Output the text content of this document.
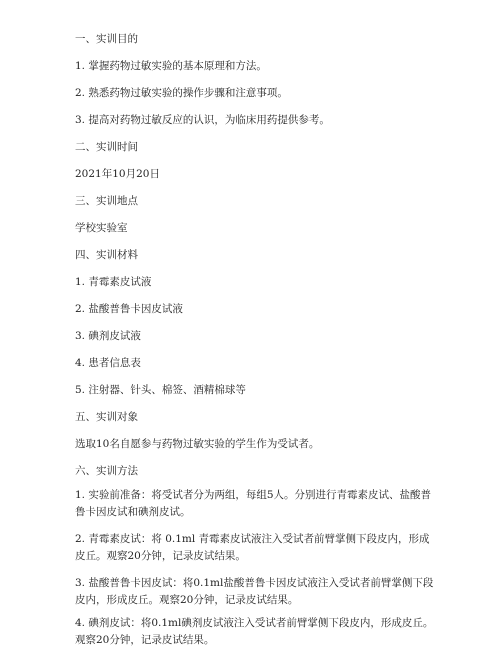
一、实训目的
1. 掌握药物过敏实验的基本原理和方法。
2. 熟悉药物过敏实验的操作步骤和注意事项。
3. 提高对药物过敏反应的认识，为临床用药提供参考。
二、实训时间
2021年10月20日
三、实训地点
学校实验室
四、实训材料
1. 青霉素皮试液
2. 盐酸普鲁卡因皮试液
3. 碘剂皮试液
4. 患者信息表
5. 注射器、针头、棉签、酒精棉球等
五、实训对象
选取10名自愿参与药物过敏实验的学生作为受试者。
六、实训方法
1. 实验前准备：将受试者分为两组，每组5人。分别进行青霉素皮试、盐酸普鲁卡因皮试和碘剂皮试。
2. 青霉素皮试：将 0.1ml 青霉素皮试液注入受试者前臂掌侧下段皮内，形成皮丘。观察20分钟，记录皮试结果。
3. 盐酸普鲁卡因皮试：将0.1ml盐酸普鲁卡因皮试液注入受试者前臂掌侧下段皮内，形成皮丘。观察20分钟，记录皮试结果。
4. 碘剂皮试：将0.1ml碘剂皮试液注入受试者前臂掌侧下段皮内，形成皮丘。观察20分钟，记录皮试结果。
